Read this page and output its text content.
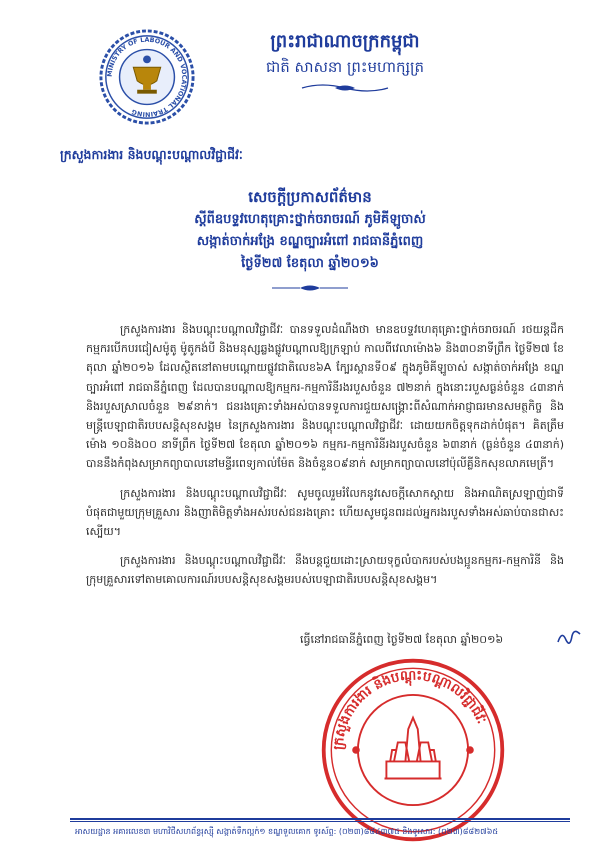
MINISTRY OF LABOUR AND VOCATIONAL TRAINING
ព្រះរាជាណាចក្រកម្ពុជា
ជាតិ សាសនា ព្រះមហាក្សត្រ
ក្រសួងការងារ និងបណ្តុះបណ្តាលវិជ្ជាជីវៈ
សេចក្តីប្រកាសព័ត៌មាន
ស្តីពីឧបទ្ទវហេតុគ្រោះថ្នាក់ចរាចរណ៍ ភូមិគីឡូចាស់
សង្កាត់ចាក់អង្រែ ខណ្ឌច្បារអំពៅ រាជធានីភ្នំពេញ
ថ្ងៃទី២៧ ខែតុលា ឆ្នាំ២០១៦

ក្រសួងការងារ និងបណ្តុះបណ្តាលវិជ្ជាជីវៈ បានទទួលដំណឹងថា មានឧបទ្ទវហេតុគ្រោះថ្នាក់ចរាចរណ៍ រថយន្តដឹកកម្មករបើកបរជៀសម៉ូតូ ម៉ូតូកង់បី និងមនុស្សឆ្លងផ្លូវបណ្តាលឱ្យក្រឡាប់ កាលពីវេលាម៉ោង៦ និង៣០នាទីព្រឹក ថ្ងៃទី២៧ ខែតុលា ឆ្នាំ២០១៦ ដែលស្ថិតនៅតាមបណ្តោយផ្លូវជាតិលេខ៦A ក្បែរស្ពានទី០៩ ក្នុងភូមិគីឡូចាស់ សង្កាត់ចាក់អង្រែ ខណ្ឌច្បារអំពៅ រាជធានីភ្នំពេញ ដែលបានបណ្តាលឱ្យកម្មករ-កម្មការិនីរងរបួសចំនួន ៧២នាក់ ក្នុងនោះរបួសធ្ងន់ចំនួន ៤៣នាក់ និងរបួសស្រាលចំនួន ២៩នាក់។ ជនរងគ្រោះទាំងអស់បានទទួលការជួយសង្គ្រោះពីសំណាក់អាជ្ញាធរមានសមត្ថកិច្ច និងមន្ត្រីបេឡាជាតិរបបសន្តិសុខសង្គម នៃក្រសួងការងារ និងបណ្តុះបណ្តាលវិជ្ជាជីវៈ ដោយយកចិត្តទុកដាក់បំផុត។ គិតត្រឹមម៉ោង ១០និង០០ នាទីព្រឹក ថ្ងៃទី២៧ ខែតុលា ឆ្នាំ២០១៦ កម្មករ-កម្មការិនីរងរបួសចំនួន ៦៣នាក់ (ធ្ងន់ចំនួន ៤៣នាក់) បាននឹងកំពុងសម្រាកព្យាបាលនៅមន្ទីរពេទ្យកាល់ម៉ែត និងចំនួន០៩នាក់ សម្រាកព្យាបាលនៅប៉ុលីគ្លីនិកសុខលាភមេត្រី។

ក្រសួងការងារ និងបណ្តុះបណ្តាលវិជ្ជាជីវៈ សូមចូលរួមរំលែកនូវសេចក្តីសោកស្តាយ និងអាណិតស្រឡាញ់ជាទីបំផុតជាមួយក្រុមគ្រួសារ និងញាតិមិត្តទាំងអស់របស់ជនរងគ្រោះ ហើយសូមជូនពរដល់អ្នករងរបួសទាំងអស់ឆាប់បានជាសះស្បើយ។

ក្រសួងការងារ និងបណ្តុះបណ្តាលវិជ្ជាជីវៈ នឹងបន្តជួយដោះស្រាយទុក្ខលំបាករបស់បងប្អូនកម្មករ-កម្មការិនី និងក្រុមគ្រួសារទៅតាមគោលការណ៍របបសន្តិសុខសង្គមរបស់បេឡាជាតិរបបសន្តិសុខសង្គម។

ធ្វើនៅរាជធានីភ្នំពេញ ថ្ងៃទី២៧ ខែតុលា ឆ្នាំ២០១៦
ក្រសួងការងារ និងបណ្តុះបណ្តាលវិជ្ជាជីវៈ
អាសយដ្ឋាន អគារលេខ៣ មហាវិថីសហព័ន្ធរុស្ស៊ី សង្កាត់ទឹកល្អក់១ ខណ្ឌទួលគោក ទូរស័ព្ទ: (០២៣)៨៨៤៣៧៥ និងទូរសារ: (០២៣)៨៨២៧៦៥
